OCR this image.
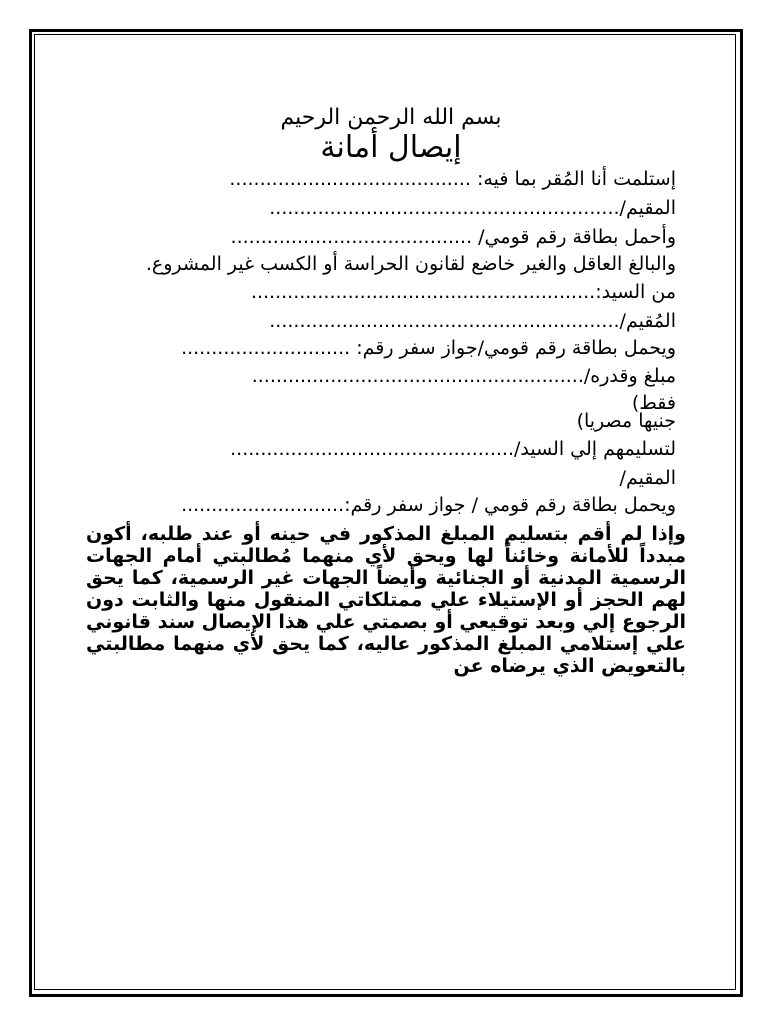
بسم الله الرحمن الرحيم
إيصال أمانة
إستلمت أنا المُقر بما فيه: ........................................
المقيم/..........................................................
وأحمل بطاقة رقم قومي/ ........................................
والبالغ العاقل والغير خاضع لقانون الحراسة أو الكسب غير المشروع.
من السيد:.........................................................
المُقيم/..........................................................
ويحمل بطاقة رقم قومي/جواز سفر رقم: ............................
مبلغ وقدره/.......................................................
فقط)
جنيها مصريا)
لتسليمهم إلي السيد/...............................................
المقيم/
ويحمل بطاقة رقم قومي / جواز سفر رقم:...........................
وإذا لم أقم بتسليم المبلغ المذكور في حينه أو عند طلبه، أكون مبدداً للأمانة وخائناً لها ويحق لأي منهما مُطالبتي أمام الجهات الرسمية المدنية أو الجنائية وأيضاً الجهات غير الرسمية، كما يحق لهم الحجز أو الإستيلاء علي ممتلكاتي المنقول منها والثابت دون الرجوع إلي وبعد توقيعي أو بصمتي علي هذا الإيصال سند قانوني علي إستلامي المبلغ المذكور عاليه، كما يحق لأي منهما مطالبتي بالتعويض الذي يرضاه عن
